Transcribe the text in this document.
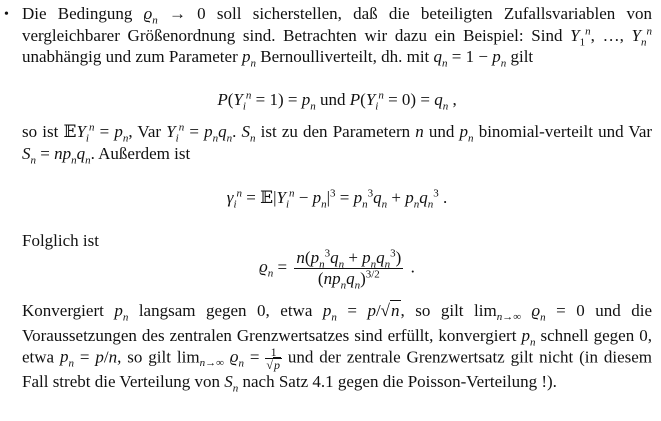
• Die Bedingung $ϱ_n \to 0$ soll sicherstellen, daß die beteiligten Zufallsvariablen von vergleichbarer Größenordnung sind. Betrachten wir dazu ein Beispiel: Sind $Y_1^n$, …, $Y_n^n$ unabhängig und zum Parameter $p_n$ Bernoulliverteilt, dh. mit $q_n = 1 - p_n$ gilt
$P(Y_i^n = 1) = p_n$ und $P(Y_i^n = 0) = q_n$ ,
so ist 𝔼Y$_i^n$ = $p_n$, Var $Y_i^n = p_nq_n$. $S_n$ ist zu den Parametern n und $p_n$ binomial-verteilt und Var $S_n = np_nq_n$. Außerdem ist
$\gamma_i^n$ = $𝔼|Y_i^n - p_n|^3 = p_n^3q_n + p_nq_n^3$ .
Folglich ist
$ϱ_n = \frac{n(p_n^3q_n + p_nq_n^3)}{(np_nq_n)^{3/2}}$ .
Konvergiert $p_n$ langsam gegen 0, etwa $p_n = p/√n$, so gilt $\lim_{n\to\infty} ϱ_n = 0$ und die Voraussetzungen des zentralen Grenzwertsatzes sind erfüllt, konvergiert $p_n$ schnell gegen 0, etwa $p_n = p/n$, so gilt $\lim_{n\to\infty} ϱ_n = \frac{1}{√p}$ und der zentrale Grenzwertsatz gilt nicht (in diesem Fall strebt die Verteilung von $S_n$ nach Satz 4.1 gegen die Poisson-Verteilung !).
